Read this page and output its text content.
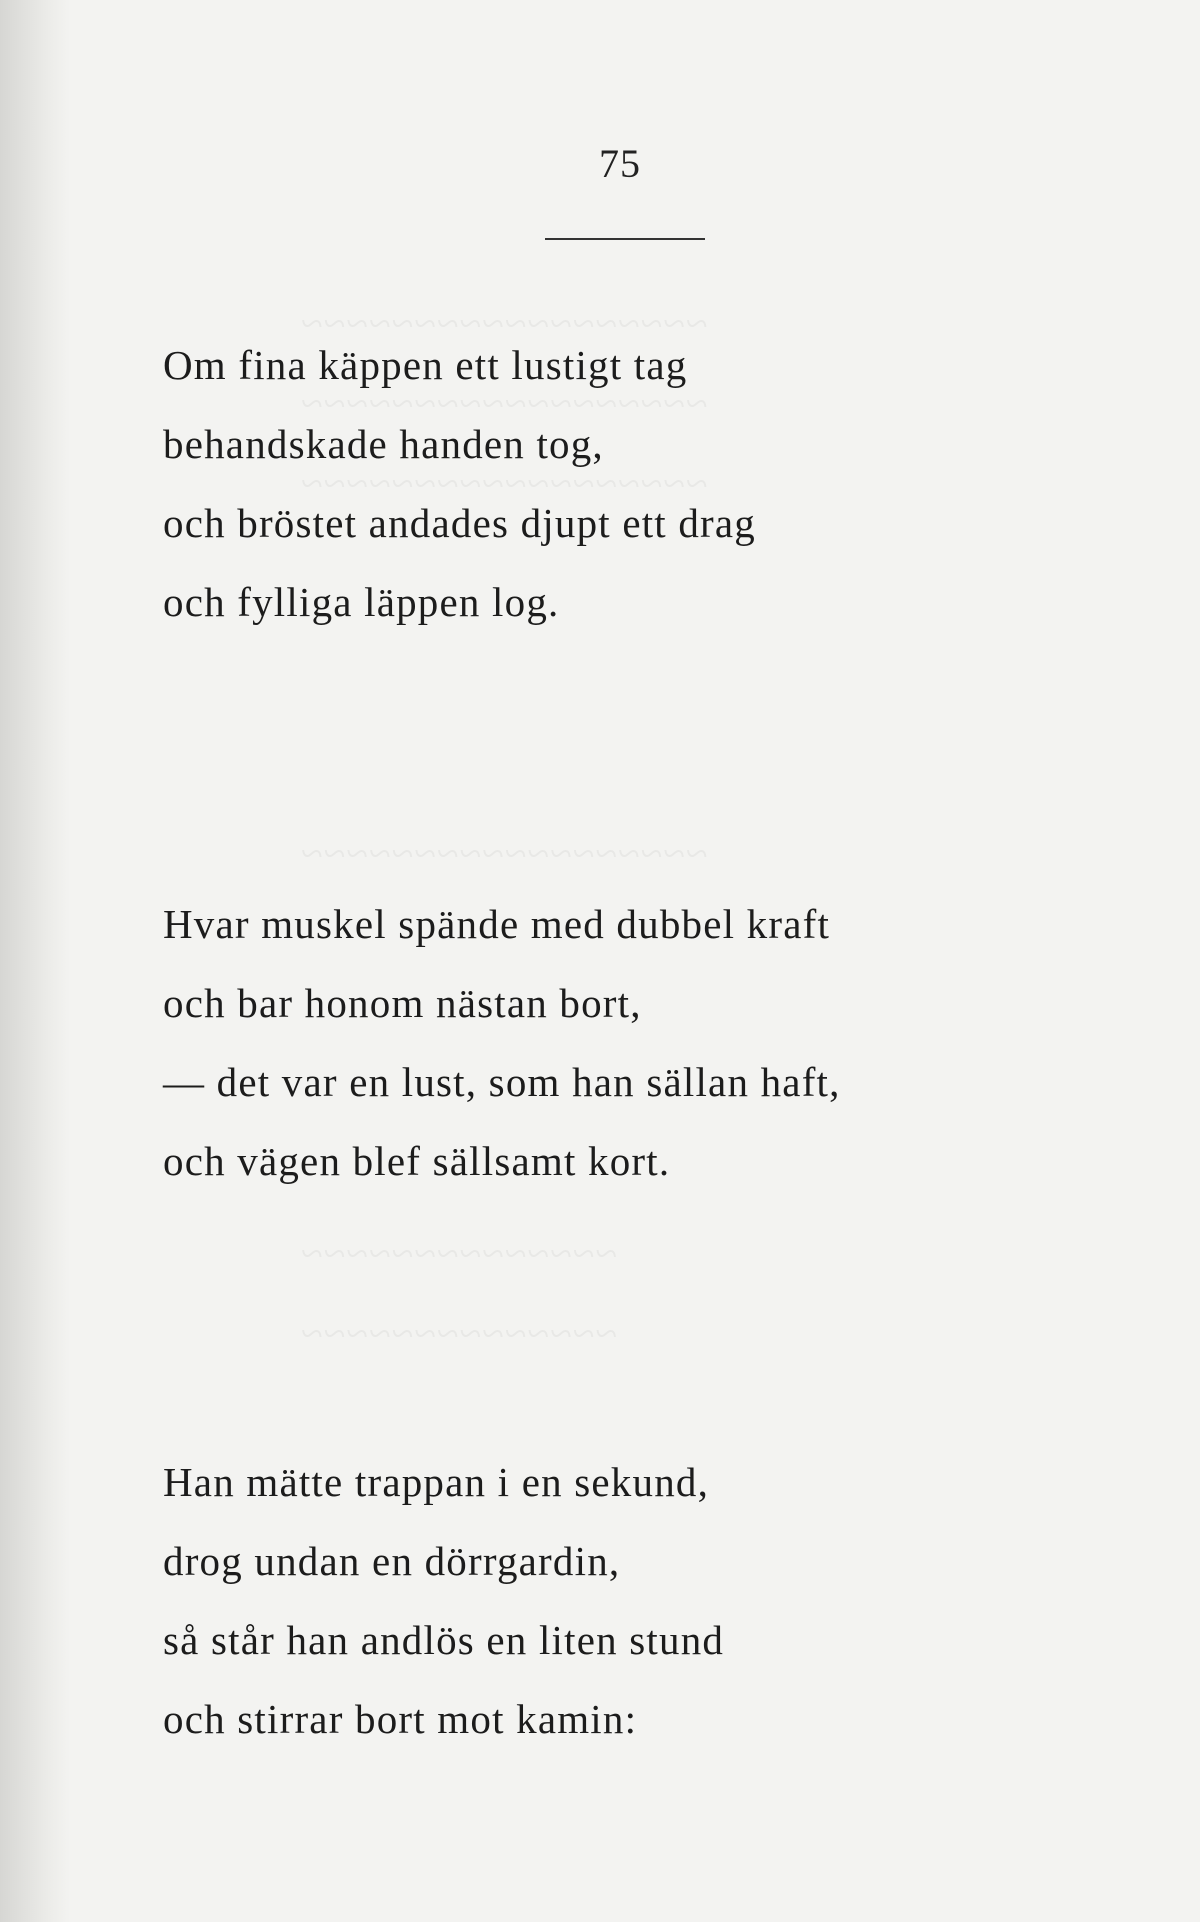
75
Om fina käppen ett lustigt tag
behandskade handen tog,
och bröstet andades djupt ett drag
och fylliga läppen log.
Hvar muskel spände med dubbel kraft
och bar honom nästan bort,
— det var en lust, som han sällan haft,
och vägen blef sällsamt kort.
Han mätte trappan i en sekund,
drog undan en dörrgardin,
så står han andlös en liten stund
och stirrar bort mot kamin:
